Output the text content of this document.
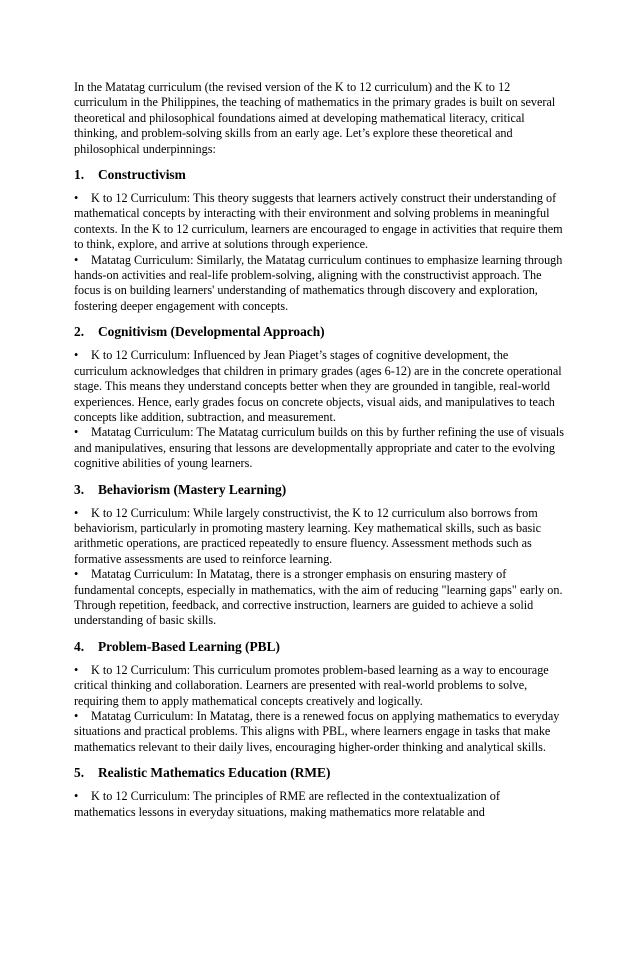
In the Matatag curriculum (the revised version of the K to 12 curriculum) and the K to 12 curriculum in the Philippines, the teaching of mathematics in the primary grades is built on several theoretical and philosophical foundations aimed at developing mathematical literacy, critical thinking, and problem-solving skills from an early age. Let’s explore these theoretical and philosophical underpinnings:

1. Constructivism

• K to 12 Curriculum: This theory suggests that learners actively construct their understanding of mathematical concepts by interacting with their environment and solving problems in meaningful contexts. In the K to 12 curriculum, learners are encouraged to engage in activities that require them to think, explore, and arrive at solutions through experience.

• Matatag Curriculum: Similarly, the Matatag curriculum continues to emphasize learning through hands-on activities and real-life problem-solving, aligning with the constructivist approach. The focus is on building learners' understanding of mathematics through discovery and exploration, fostering deeper engagement with concepts.

2. Cognitivism (Developmental Approach)

• K to 12 Curriculum: Influenced by Jean Piaget’s stages of cognitive development, the curriculum acknowledges that children in primary grades (ages 6-12) are in the concrete operational stage. This means they understand concepts better when they are grounded in tangible, real-world experiences. Hence, early grades focus on concrete objects, visual aids, and manipulatives to teach concepts like addition, subtraction, and measurement.

• Matatag Curriculum: The Matatag curriculum builds on this by further refining the use of visuals and manipulatives, ensuring that lessons are developmentally appropriate and cater to the evolving cognitive abilities of young learners.

3. Behaviorism (Mastery Learning)

• K to 12 Curriculum: While largely constructivist, the K to 12 curriculum also borrows from behaviorism, particularly in promoting mastery learning. Key mathematical skills, such as basic arithmetic operations, are practiced repeatedly to ensure fluency. Assessment methods such as formative assessments are used to reinforce learning.

• Matatag Curriculum: In Matatag, there is a stronger emphasis on ensuring mastery of fundamental concepts, especially in mathematics, with the aim of reducing "learning gaps" early on. Through repetition, feedback, and corrective instruction, learners are guided to achieve a solid understanding of basic skills.

4. Problem-Based Learning (PBL)

• K to 12 Curriculum: This curriculum promotes problem-based learning as a way to encourage critical thinking and collaboration. Learners are presented with real-world problems to solve, requiring them to apply mathematical concepts creatively and logically.

• Matatag Curriculum: In Matatag, there is a renewed focus on applying mathematics to everyday situations and practical problems. This aligns with PBL, where learners engage in tasks that make mathematics relevant to their daily lives, encouraging higher-order thinking and analytical skills.

5. Realistic Mathematics Education (RME)

• K to 12 Curriculum: The principles of RME are reflected in the contextualization of mathematics lessons in everyday situations, making mathematics more relatable and
